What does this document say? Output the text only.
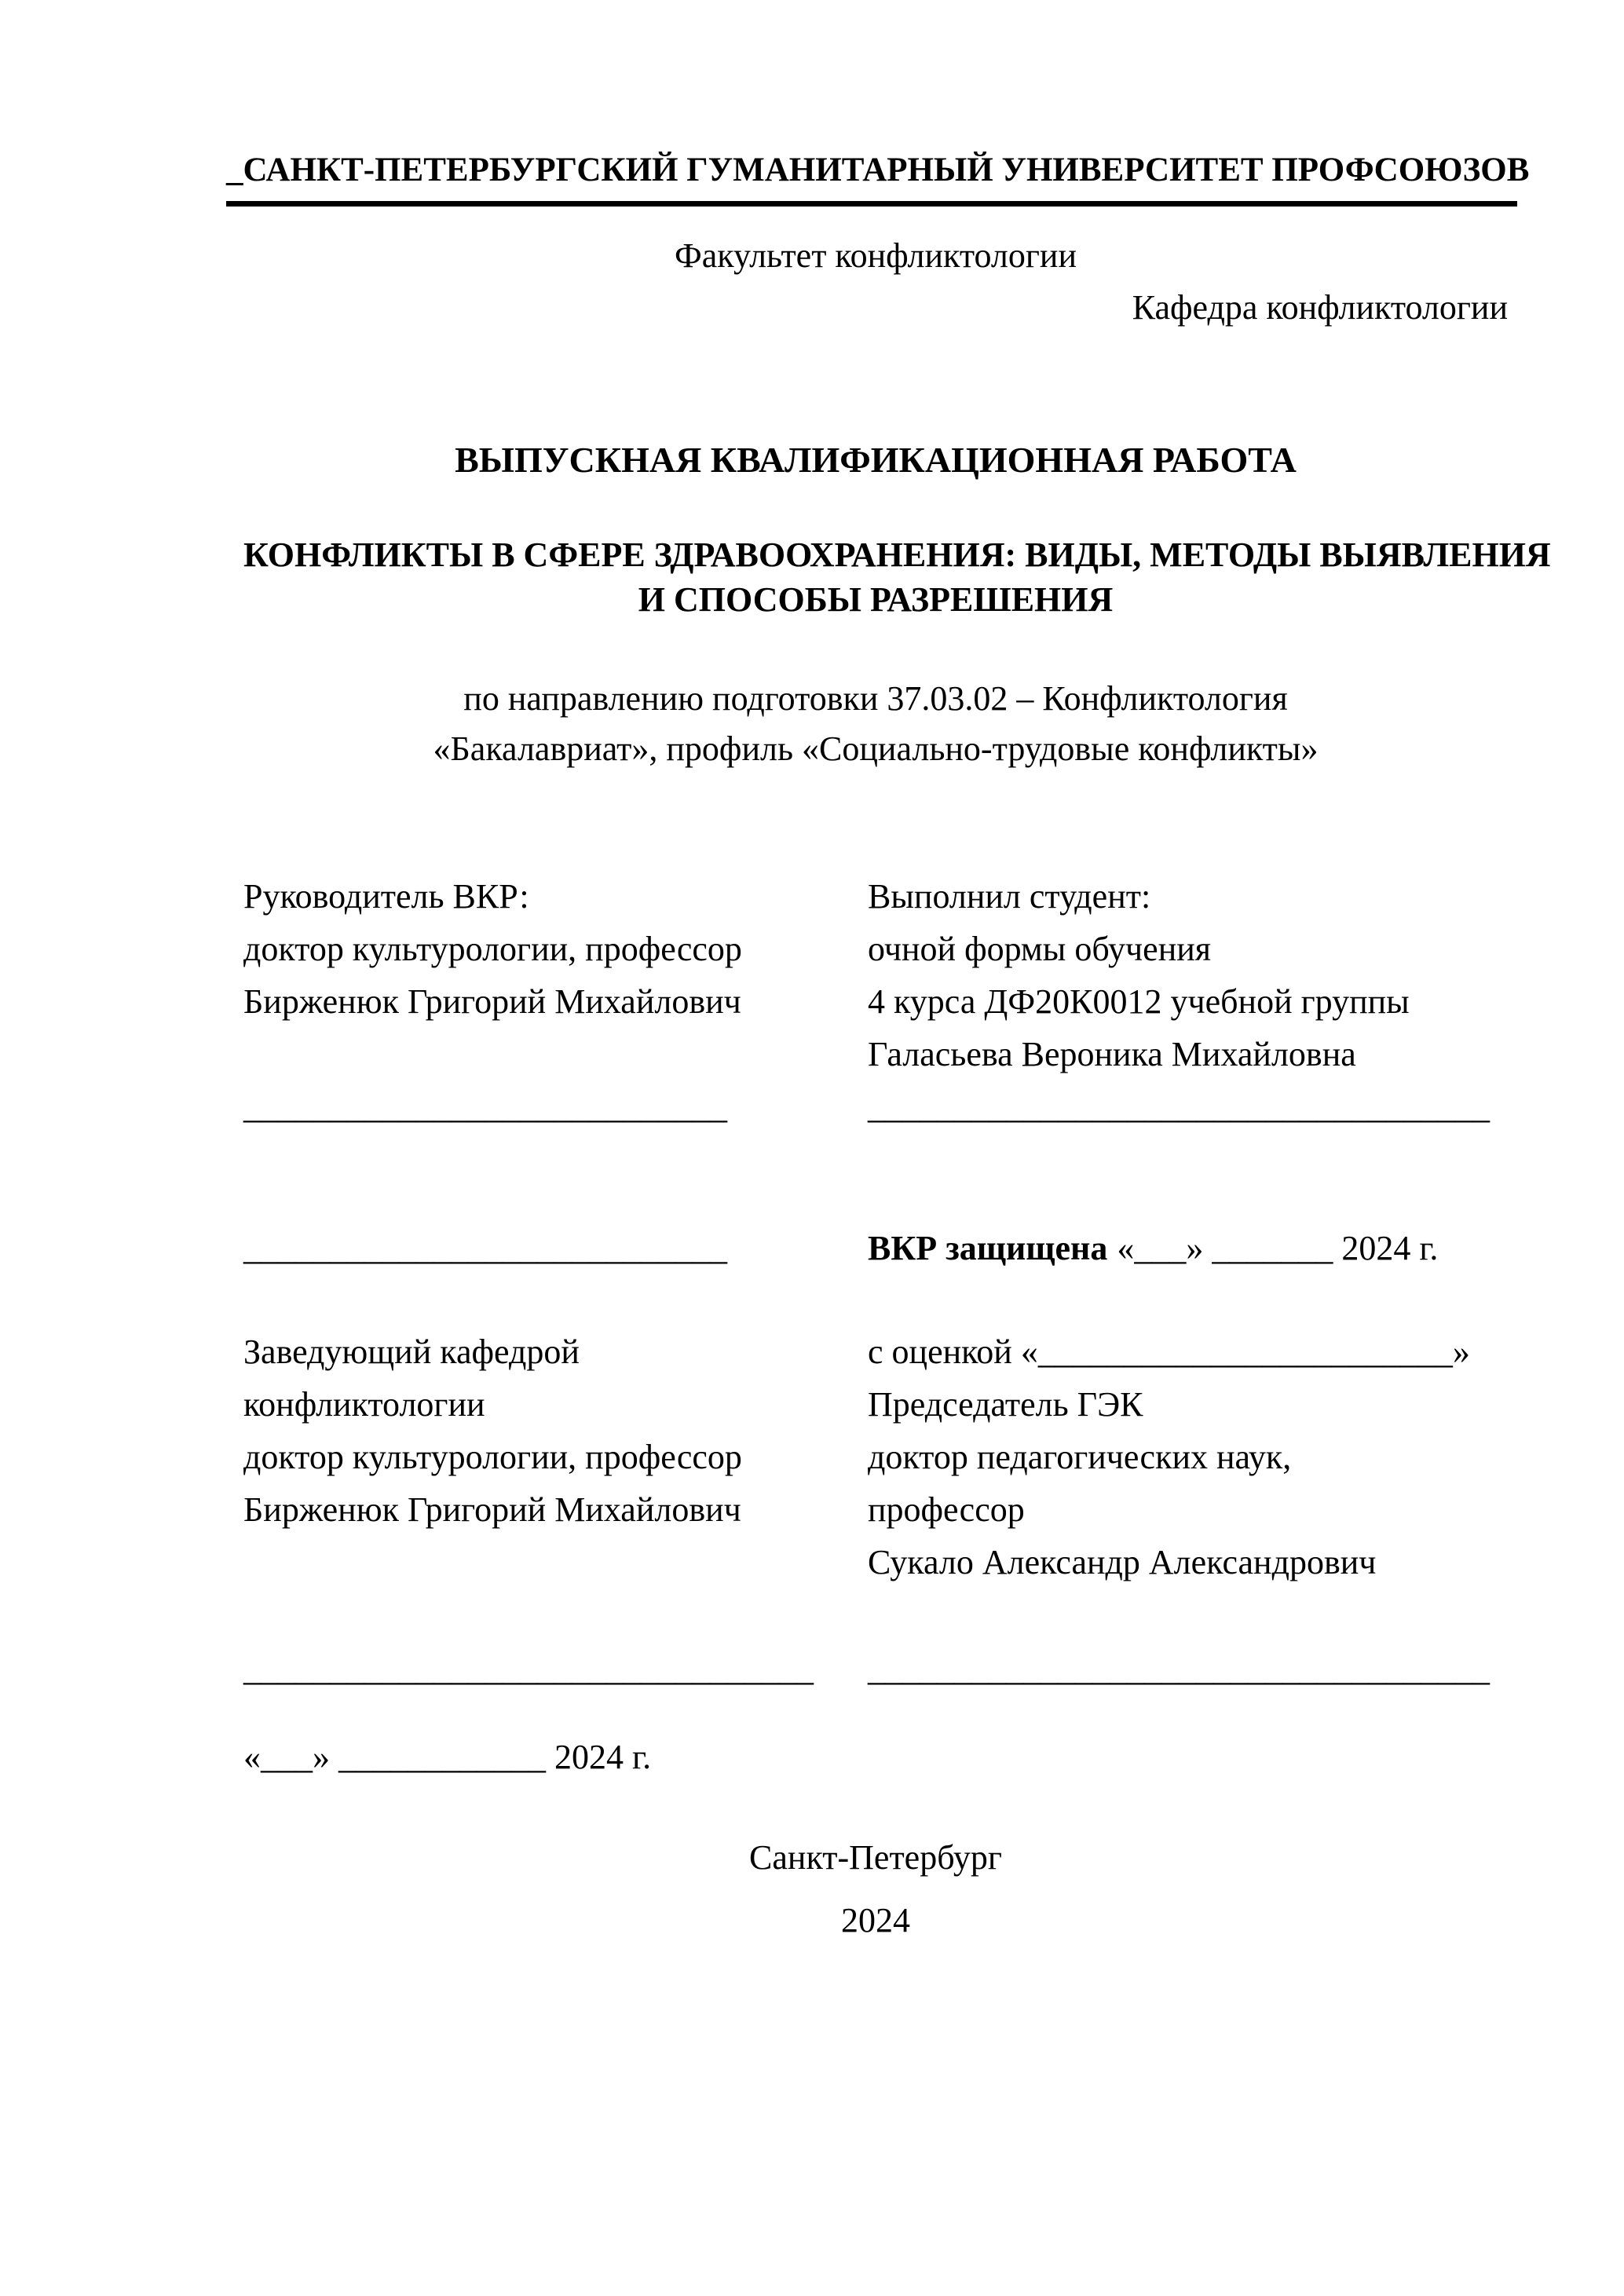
_САНКТ-ПЕТЕРБУРГСКИЙ ГУМАНИТАРНЫЙ УНИВЕРСИТЕТ ПРОФСОЮЗОВ
Факультет конфликтологии
Кафедра конфликтологии
ВЫПУСКНАЯ КВАЛИФИКАЦИОННАЯ РАБОТА
КОНФЛИКТЫ В СФЕРЕ ЗДРАВООХРАНЕНИЯ: ВИДЫ, МЕТОДЫ ВЫЯВЛЕНИЯ
И СПОСОБЫ РАЗРЕШЕНИЯ
по направлению подготовки 37.03.02 – Конфликтология
«Бакалавриат», профиль «Социально-трудовые конфликты»
Руководитель ВКР:
доктор культурологии, профессор
Бирженюк Григорий Михайлович

____________________________
Выполнил студент:
очной формы обучения
4 курса ДФ20К0012 учебной группы
Галасьева Вероника Михайловна
____________________________________
____________________________	ВКР защищена «___» _______ 2024 г.
Заведующий кафедрой
конфликтологии
доктор культурологии, профессор
Бирженюк Григорий Михайлович
с оценкой «________________________»
Председатель ГЭК
доктор педагогических наук,
профессор
Сукало Александр Александрович
_________________________________	____________________________________
«___» ____________ 2024 г.
Санкт-Петербург
2024
